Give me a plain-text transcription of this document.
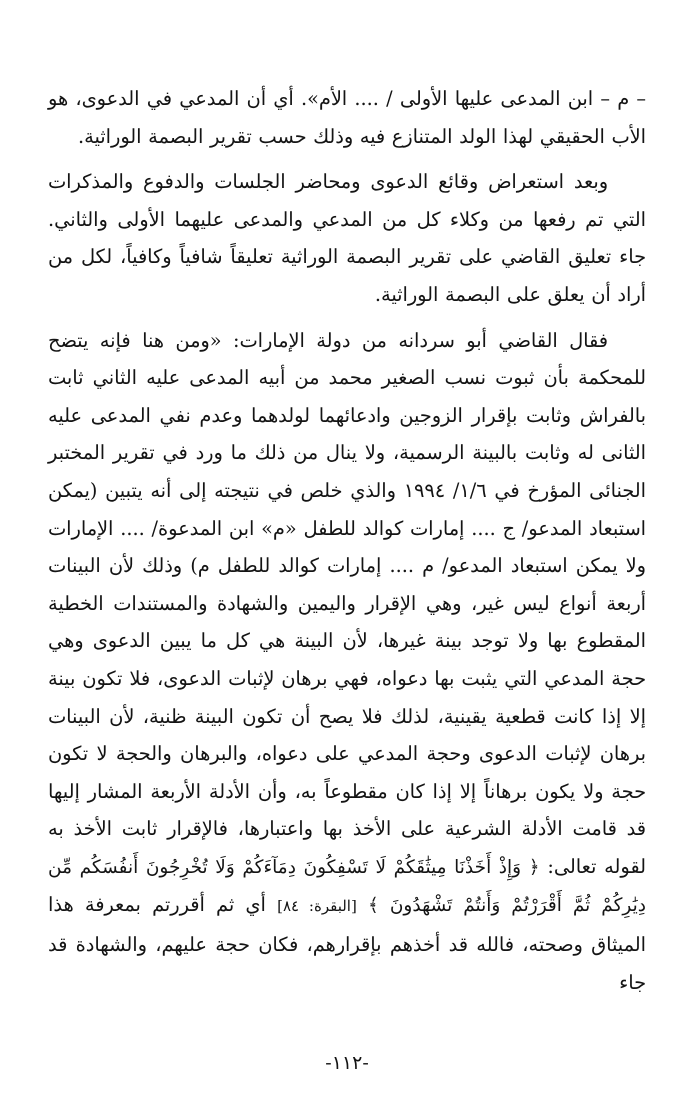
– م – ابن المدعى عليها الأولى / .... الأم». أي أن المدعي في الدعوى، هو الأب الحقيقي لهذا الولد المتنازع فيه وذلك حسب تقرير البصمة الوراثية.

وبعد استعراض وقائع الدعوى ومحاضر الجلسات والدفوع والمذكرات التي تم رفعها من وكلاء كل من المدعي والمدعى عليهما الأولى والثاني. جاء تعليق القاضي على تقرير البصمة الوراثية تعليقاً شافياً وكافياً، لكل من أراد أن يعلق على البصمة الوراثية.

فقال القاضي أبو سردانه من دولة الإمارات: «ومن هنا فإنه يتضح للمحكمة بأن ثبوت نسب الصغير محمد من أبيه المدعى عليه الثاني ثابت بالفراش وثابت بإقرار الزوجين وادعائهما لولدهما وعدم نفي المدعى عليه الثانى له وثابت بالبينة الرسمية، ولا ينال من ذلك ما ورد في تقرير المختبر الجنائى المؤرخ في ١/٦/ ١٩٩٤ والذي خلص في نتيجته إلى أنه يتبين (يمكن استبعاد المدعو/ ج .... إمارات كوالد للطفل «م» ابن المدعوة/ .... الإمارات ولا يمكن استبعاد المدعو/ م .... إمارات كوالد للطفل م) وذلك لأن البينات أربعة أنواع ليس غير، وهي الإقرار واليمين والشهادة والمستندات الخطية المقطوع بها ولا توجد بينة غيرها، لأن البينة هي كل ما يبين الدعوى وهي حجة المدعي التي يثبت بها دعواه، فهي برهان لإثبات الدعوى، فلا تكون بينة إلا إذا كانت قطعية يقينية، لذلك فلا يصح أن تكون البينة ظنية، لأن البينات برهان لإثبات الدعوى وحجة المدعي على دعواه، والبرهان والحجة لا تكون حجة ولا يكون برهاناً إلا إذا كان مقطوعاً به، وأن الأدلة الأربعة المشار إليها قد قامت الأدلة الشرعية على الأخذ بها واعتبارها، فالإقرار ثابت الأخذ به لقوله تعالى: ﴿ وَإِذْ أَخَذْنَا مِيثَٰقَكُمْ لَا تَسْفِكُونَ دِمَآءَكُمْ وَلَا تُخْرِجُونَ أَنفُسَكُم مِّن دِيَٰرِكُمْ ثُمَّ أَقْرَرْتُمْ وَأَنتُمْ تَشْهَدُونَ ﴾ [البقرة: ٨٤] أي ثم أقررتم بمعرفة هذا الميثاق وصحته، فالله قد أخذهم بإقرارهم، فكان حجة عليهم، والشهادة قد جاء

-١١٢-
